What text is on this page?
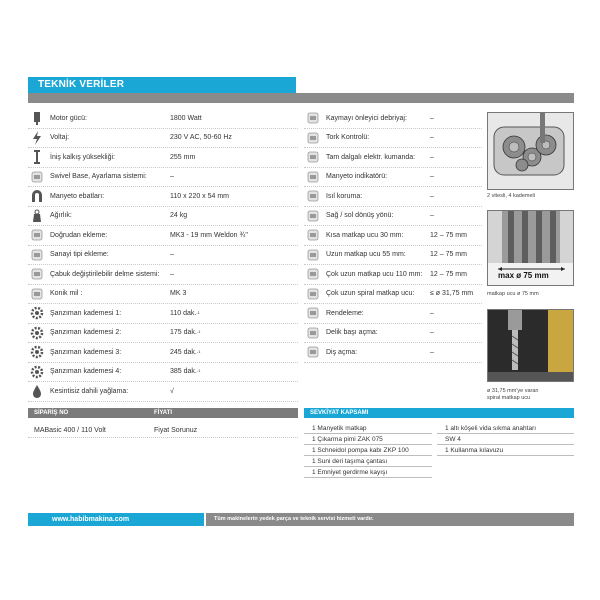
TEKNİK VERİLER
Motor gücü:	1800 Watt
Voltaj:	230 V AC, 50-60 Hz
İniş kalkış yüksekliği:	255 mm
Swivel Base, Ayarlama sistemi:	–
Manyeto ebatları:	110 x 220 x 54 mm
Ağırlık:	24 kg
Doğrudan ekleme:	MK3 - 19 mm Weldon ¾"
Sanayi tipi ekleme:	–
Çabuk değiştirilebilir delme sistemi:	–
Konik mil :	MK 3
Şanzıman kademesi 1:	110 dak.$^{-1}$
Şanzıman kademesi 2:	175 dak.$^{-1}$
Şanzıman kademesi 3:	245 dak.$^{-1}$
Şanzıman kademesi 4:	385 dak.$^{-1}$
Kesintisiz dahili yağlama:	√
Kaymayı önleyici debriyaj:	–
Tork Kontrolü:	–
Tam dalgalı elektr. kumanda:	–
Manyeto indikatörü:	–
Isıl koruma:	–
Sağ / sol dönüş yönü:	–
Kısa matkap ucu 30 mm:	12 – 75 mm
Uzun matkap ucu 55 mm:	12 – 75 mm
Çok uzun matkap ucu 110 mm:	12 – 75 mm
Çok uzun spiral matkap ucu:	≤ ø 31,75 mm
Rendeleme:	–
Delik başı açma:	–
Diş açma:	–
2 vitesli, 4 kademeli
max ø 75 mm
matkap ucu ø 75 mm
ø 31,75 mm'ye varan
spiral matkap ucu
SİPARİŞ NO	FİYATI
MABasic 400 / 110 Volt	Fiyat Sorunuz
SEVKİYAT KAPSAMI
1 Manyetik matkap
1 Çıkarma pimi ZAK 075
1 Schneidol pompa kabı ZKP 100
1 Suni deri taşıma çantası
1 Emniyet gerdirme kayışı
1 altı köşeli vida sıkma anahtarı
SW 4
1 Kullanma kılavuzu
www.habibmakina.com	Tüm makinelerin yedek parça ve teknik servisi hizmeti vardır.
